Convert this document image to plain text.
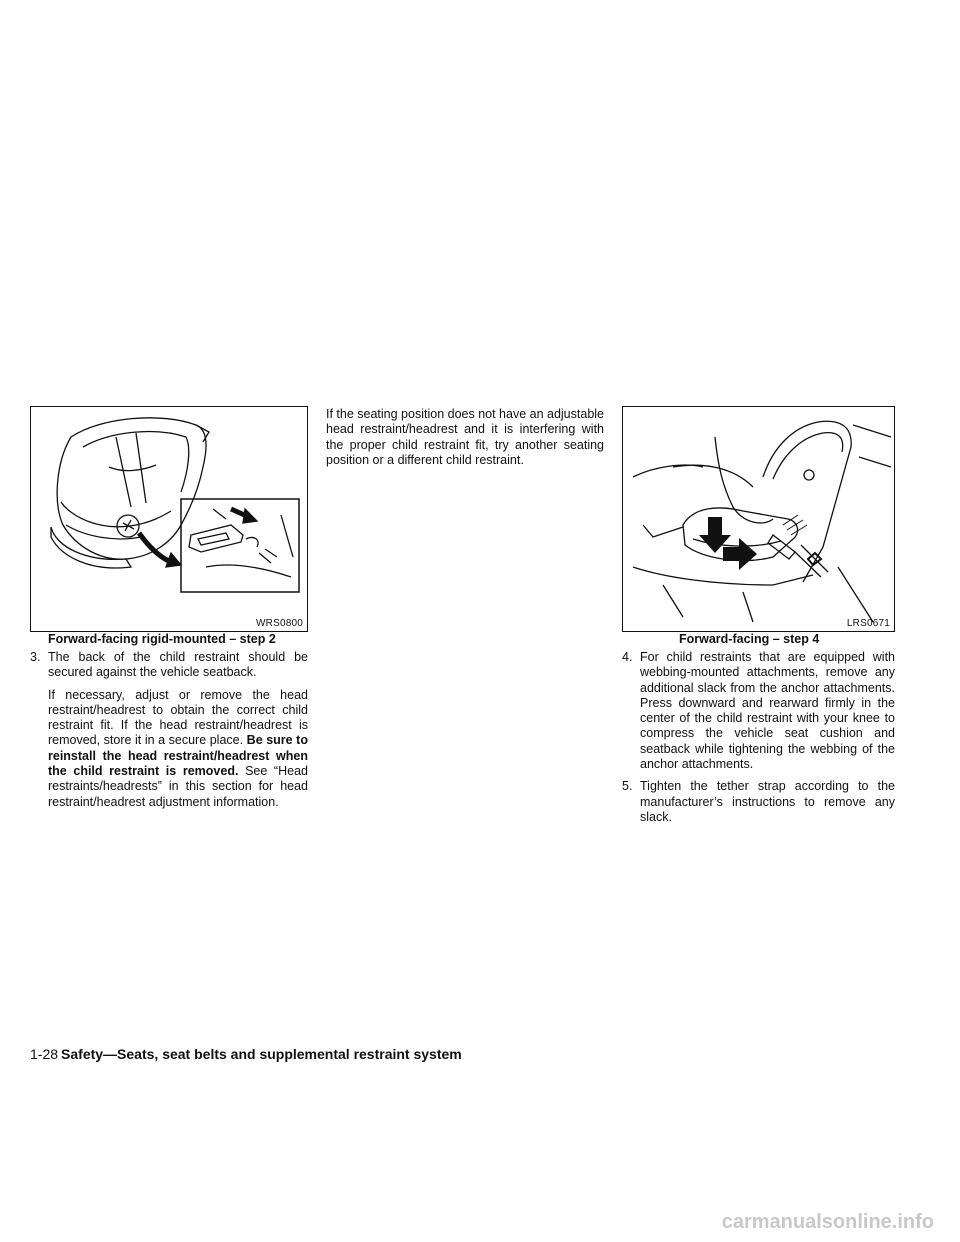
WRS0800
Forward-facing rigid-mounted – step 2
LRS0671
Forward-facing – step 4

3. The back of the child restraint should be secured against the vehicle seatback.

If necessary, adjust or remove the head restraint/headrest to obtain the correct child restraint fit. If the head restraint/headrest is removed, store it in a secure place. Be sure to reinstall the head restraint/headrest when the child restraint is removed. See “Head restraints/headrests” in this section for head restraint/headrest adjustment information.

If the seating position does not have an adjustable head restraint/headrest and it is interfering with the proper child restraint fit, try another seating position or a different child restraint.

4. For child restraints that are equipped with webbing-mounted attachments, remove any additional slack from the anchor attachments. Press downward and rearward firmly in the center of the child restraint with your knee to compress the vehicle seat cushion and seatback while tightening the webbing of the anchor attachments.

5. Tighten the tether strap according to the manufacturer’s instructions to remove any slack.

1-28 Safety—Seats, seat belts and supplemental restraint system
carmanualsonline.info
